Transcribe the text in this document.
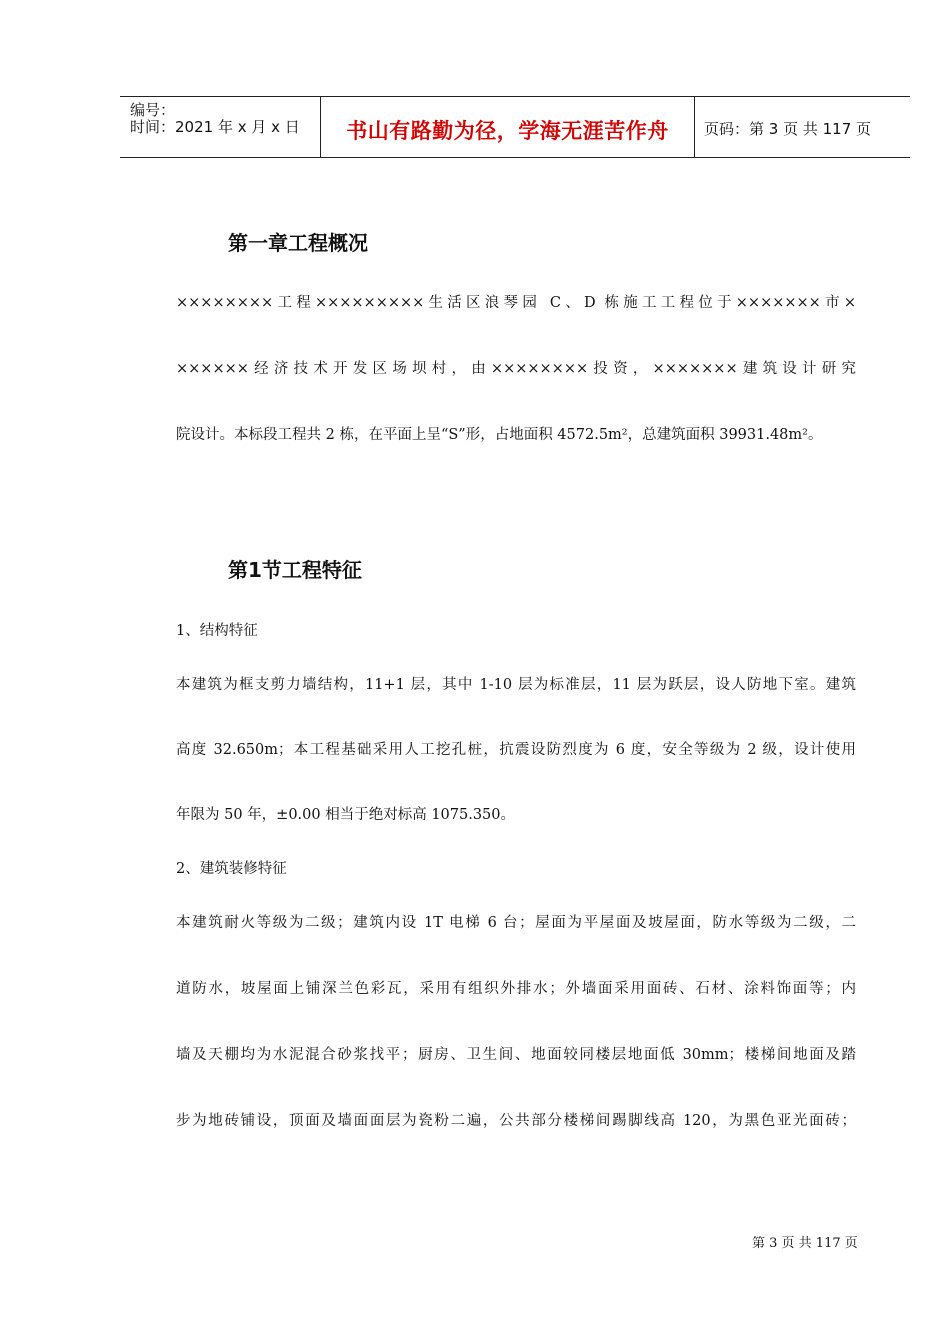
编号：
时间：2021 年 x 月 x 日	书山有路勤为径，学海无涯苦作舟	页码：第 3 页 共 117 页
第一章工程概况
××××××××工程×××××××××生活区浪琴园 C、D 栋施工工程位于×××××××市×
××××××经济技术开发区场坝村，由××××××××投资，×××××××建筑设计研究
院设计。本标段工程共 2 栋，在平面上呈“S”形，占地面积 4572.5m²，总建筑面积 39931.48m²。
第1节工程特征
1、结构特征
本建筑为框支剪力墙结构，11+1 层，其中 1-10 层为标准层，11 层为跃层，设人防地下室。建筑
高度 32.650m；本工程基础采用人工挖孔桩，抗震设防烈度为 6 度，安全等级为 2 级，设计使用
年限为 50 年，±0.00 相当于绝对标高 1075.350。
2、建筑装修特征
本建筑耐火等级为二级；建筑内设 1T 电梯 6 台；屋面为平屋面及坡屋面，防水等级为二级，二
道防水，坡屋面上铺深兰色彩瓦，采用有组织外排水；外墙面采用面砖、石材、涂料饰面等；内
墙及天棚均为水泥混合砂浆找平；厨房、卫生间、地面较同楼层地面低 30mm；楼梯间地面及踏
步为地砖铺设，顶面及墙面面层为瓷粉二遍，公共部分楼梯间踢脚线高 120，为黑色亚光面砖；
第 3 页 共 117 页
